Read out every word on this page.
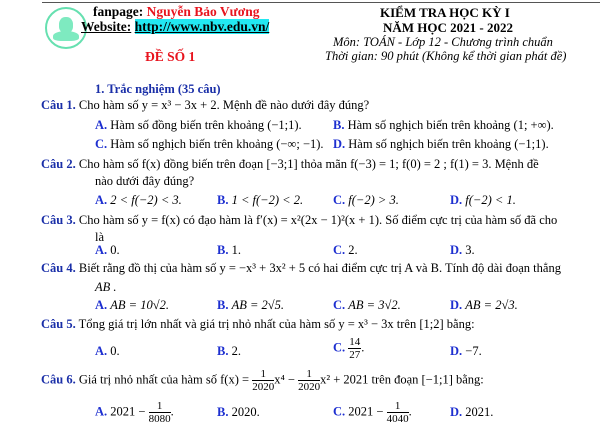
fanpage: Nguyễn Bảo Vương
Website: http://www.nbv.edu.vn/
ĐỀ SỐ 1
KIỂM TRA HỌC KỲ I
NĂM HỌC 2021 - 2022
Môn: TOÁN - Lớp 12 - Chương trình chuẩn
Thời gian: 90 phút (Không kể thời gian phát đề)
1. Trắc nghiệm (35 câu)
Câu 1. Cho hàm số y = x³ − 3x + 2. Mệnh đề nào dưới đây đúng?
A. Hàm số đồng biến trên khoảng (−1;1).	B. Hàm số nghịch biến trên khoảng (1; +∞).
C. Hàm số nghịch biến trên khoảng (−∞; −1). D. Hàm số nghịch biến trên khoảng (−1;1).
Câu 2. Cho hàm số f(x) đồng biến trên đoạn [−3;1] thỏa mãn f(−3) = 1; f(0) = 2 ; f(1) = 3. Mệnh đề
nào dưới đây đúng?
A. 2 < f(−2) < 3.	B. 1 < f(−2) < 2. C. f(−2) > 3.	D. f(−2) < 1.
Câu 3. Cho hàm số y = f(x) có đạo hàm là f′(x) = x²(2x − 1)²(x + 1). Số điểm cực trị của hàm số đã cho
là
A. 0.	B. 1.	C. 2.	D. 3.
Câu 4. Biết rằng đồ thị của hàm số y = −x³ + 3x² + 5 có hai điểm cực trị A và B. Tính độ dài đoạn thẳng
AB .
A. AB = 10√2.	B. AB = 2√5.	C. AB = 3√2.	D. AB = 2√3.
Câu 5. Tổng giá trị lớn nhất và giá trị nhỏ nhất của hàm số y = x³ − 3x trên [1;2] bằng:
A. 0.	B. 2.	C. $\frac{14}{27}$ .	D. −7.
Câu 6. Giá trị nhỏ nhất của hàm số $f(x) = \frac{1}{2020} x^4 - \frac{1}{2020} x^2 + 2021$ trên đoạn [−1;1] bằng:
A. $2021 - \frac{1}{8080}$ .	B. 2020.	C. $2021 - \frac{1}{4040}$ .	D. 2021.
